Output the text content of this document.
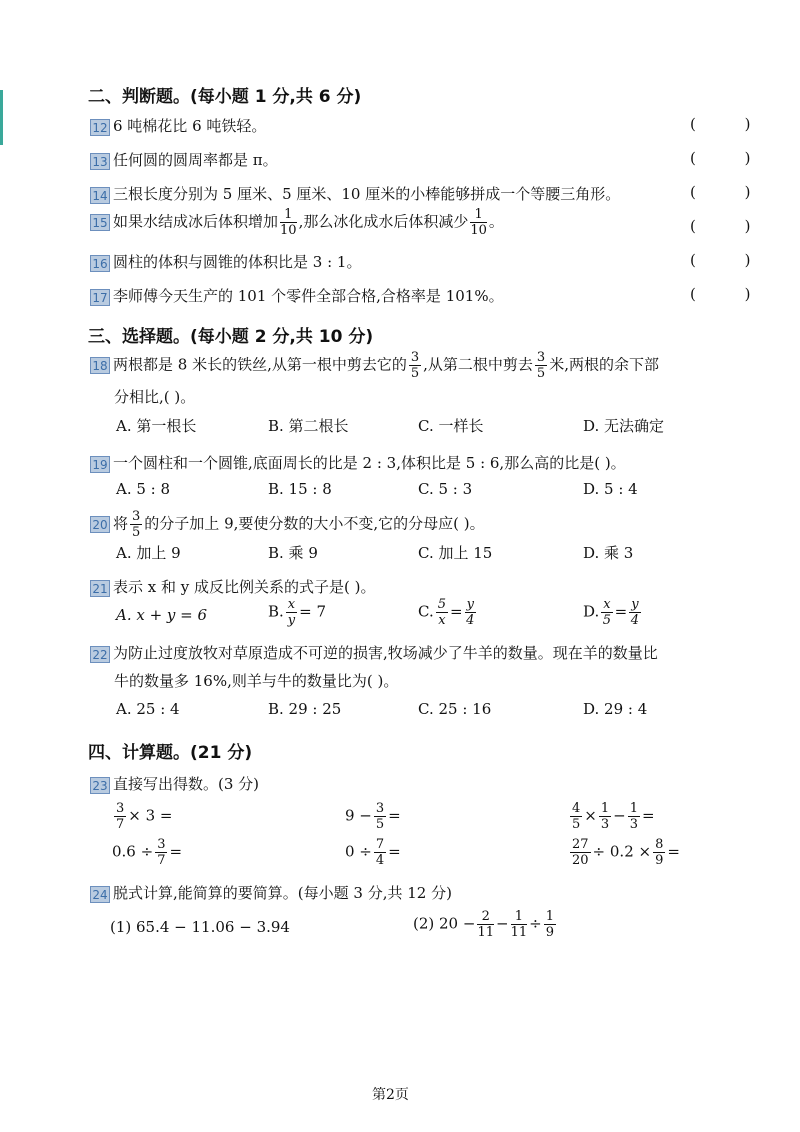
二、判断题。(每小题 1 分,共 6 分)
12 6 吨棉花比 6 吨铁轻。	( )
13 任何圆的圆周率都是 π。	( )
14 三根长度分别为 5 厘米、5 厘米、10 厘米的小棒能够拼成一个等腰三角形。	( )
15 如果水结成冰后体积增加 $\frac{1}{10}$ ,那么冰化成水后体积减少 $\frac{1}{10}$ 。	( )
16 圆柱的体积与圆锥的体积比是 3 : 1。	( )
17 李师傅今天生产的 101 个零件全部合格,合格率是 101%。	( )
三、选择题。(每小题 2 分,共 10 分)
18 两根都是 8 米长的铁丝,从第一根中剪去它的 $\frac{3}{5}$ ,从第二根中剪去 $\frac{3}{5}$ 米,两根的余下部
分相比,( )。
A. 第一根长	B. 第二根长	C. 一样长	D. 无法确定
19 一个圆柱和一个圆锥,底面周长的比是 2 : 3,体积比是 5 : 6,那么高的比是( )。
A. 5 : 8	B. 15 : 8	C. 5 : 3	D. 5 : 4
20 将 $\frac{3}{5}$ 的分子加上 9,要使分数的大小不变,它的分母应( )。
A. 加上 9	B. 乘 9	C. 加上 15	D. 乘 3
21 表示 x 和 y 成反比例关系的式子是( )。
A. x + y = 6	B. $\frac{x}{y} = 7$	C. $\frac{5}{x} = \frac{y}{4}$	D. $\frac{x}{5} = \frac{y}{4}$
22 为防止过度放牧对草原造成不可逆的损害,牧场减少了牛羊的数量。现在羊的数量比
牛的数量多 16%,则羊与牛的数量比为( )。
A. 25 : 4	B. 29 : 25	C. 25 : 16	D. 29 : 4
四、计算题。(21 分)
23 直接写出得数。(3 分)
$\frac{3}{7} \times 3$ =	$9 - \frac{3}{5}$ =	$\frac{4}{5} \times \frac{1}{3} - \frac{1}{3}$ =
$0.6 \div \frac{3}{7}$ =	$0 \div \frac{7}{4}$ =	$\frac{27}{20} \div 0.2 \times \frac{8}{9}$ =
24 脱式计算,能简算的要简算。(每小题 3 分,共 12 分)
(1) 65.4 − 11.06 − 3.94	(2) $20 - \frac{2}{11} - \frac{1}{11} \div \frac{1}{9}$
第2页
